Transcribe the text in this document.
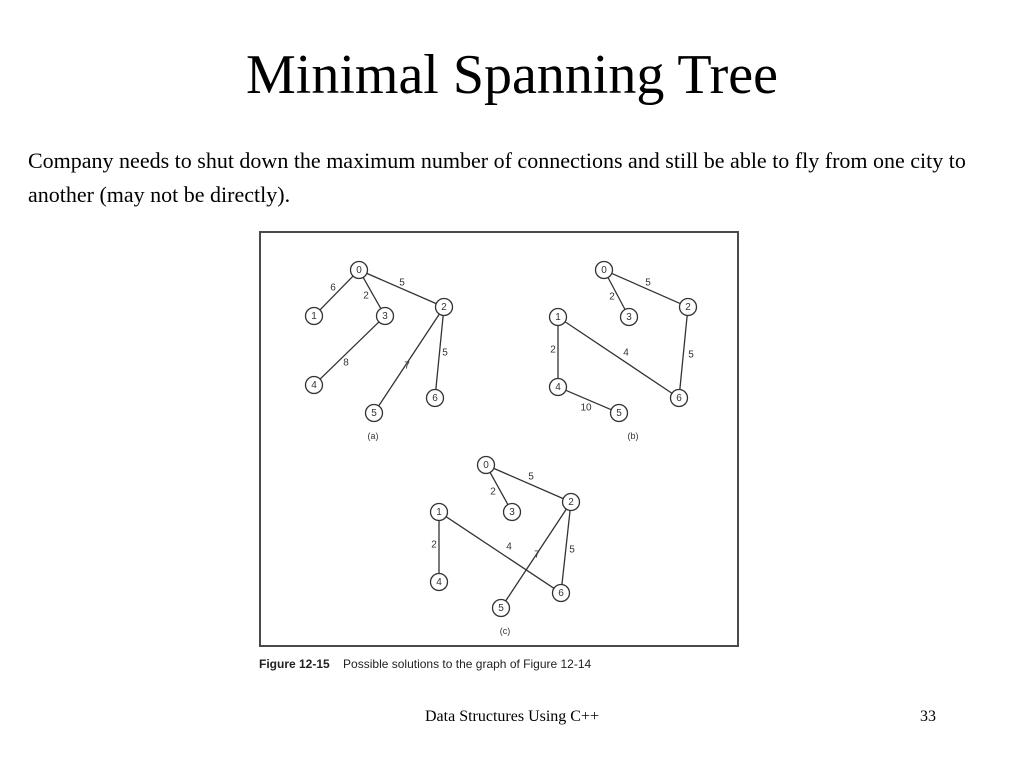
Minimal Spanning Tree
Company needs to shut down the maximum number of connections and still be able to fly from one city to another (may not be directly).
6
2
5
8	7
5
0
1
2
3
4
5
6
(a)
2
5
2	4	5
10
0
1
2
3
4
5
6
(b)
2
5
2	4
7	5
0
1
2
3
4
5
6
(c)
Figure 12-15 Possible solutions to the graph of Figure 12-14
Data Structures Using C++	33
